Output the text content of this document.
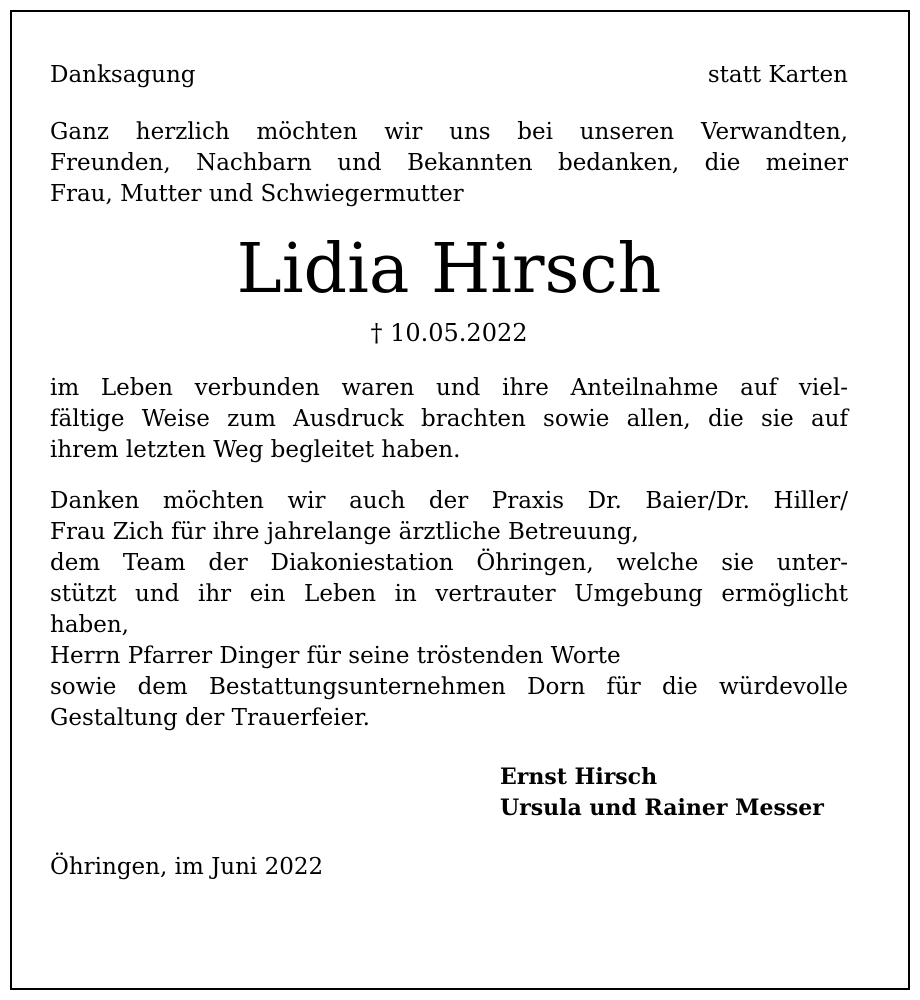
Danksagung	statt Karten
Ganz herzlich möchten wir uns bei unseren Verwandten,
Freunden, Nachbarn und Bekannten bedanken, die meiner
Frau, Mutter und Schwiegermutter
Lidia Hirsch
† 10.05.2022
im Leben verbunden waren und ihre Anteilnahme auf viel-
fältige Weise zum Ausdruck brachten sowie allen, die sie auf
ihrem letzten Weg begleitet haben.
Danken möchten wir auch der Praxis Dr. Baier/Dr. Hiller/
Frau Zich für ihre jahrelange ärztliche Betreuung,
dem Team der Diakoniestation Öhringen, welche sie unter-
stützt und ihr ein Leben in vertrauter Umgebung ermöglicht
haben,
Herrn Pfarrer Dinger für seine tröstenden Worte
sowie dem Bestattungsunternehmen Dorn für die würdevolle
Gestaltung der Trauerfeier.
Ernst Hirsch
Ursula und Rainer Messer
Öhringen, im Juni 2022
